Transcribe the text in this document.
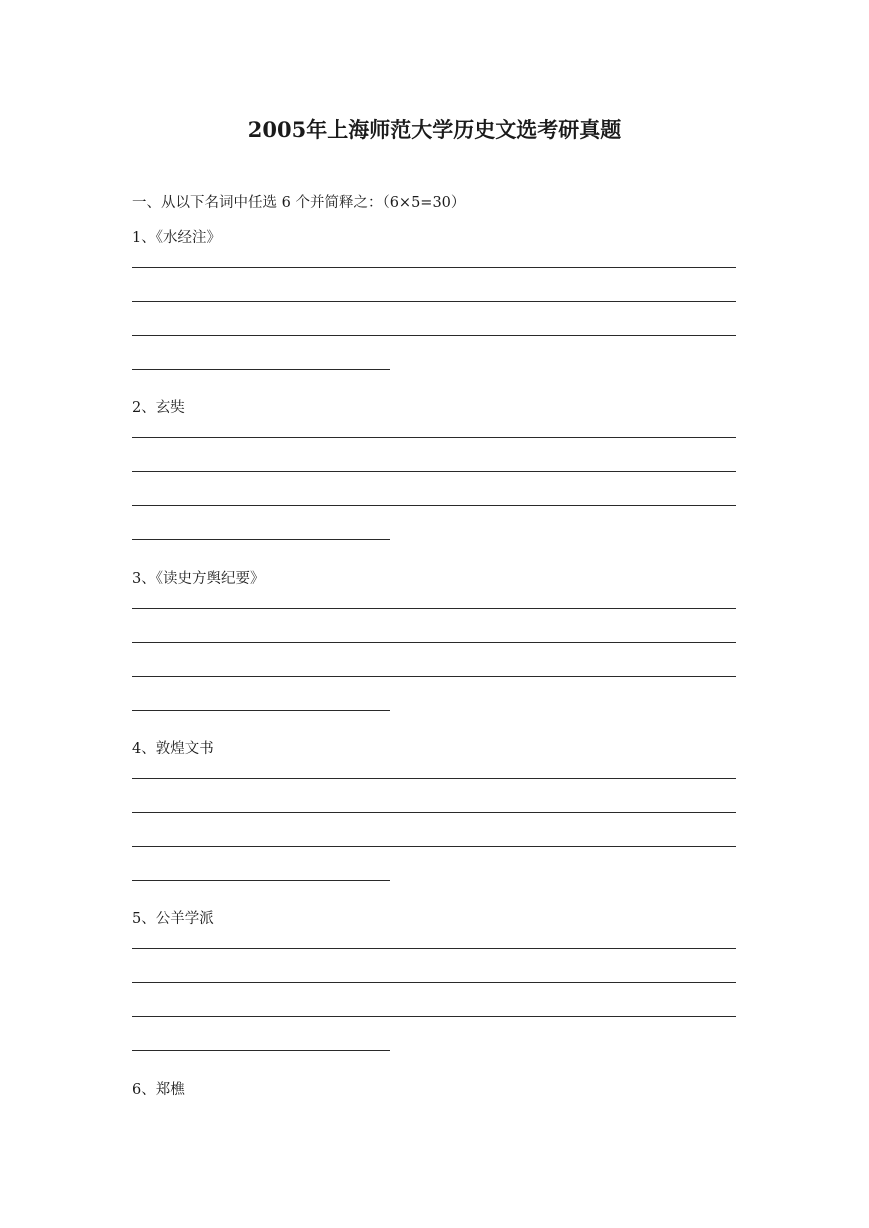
2005年上海师范大学历史文选考研真题

一、从以下名词中任选 6 个并简释之：（6×5=30）

1、《水经注》

2、玄奘

3、《读史方舆纪要》

4、敦煌文书

5、公羊学派

6、郑樵
